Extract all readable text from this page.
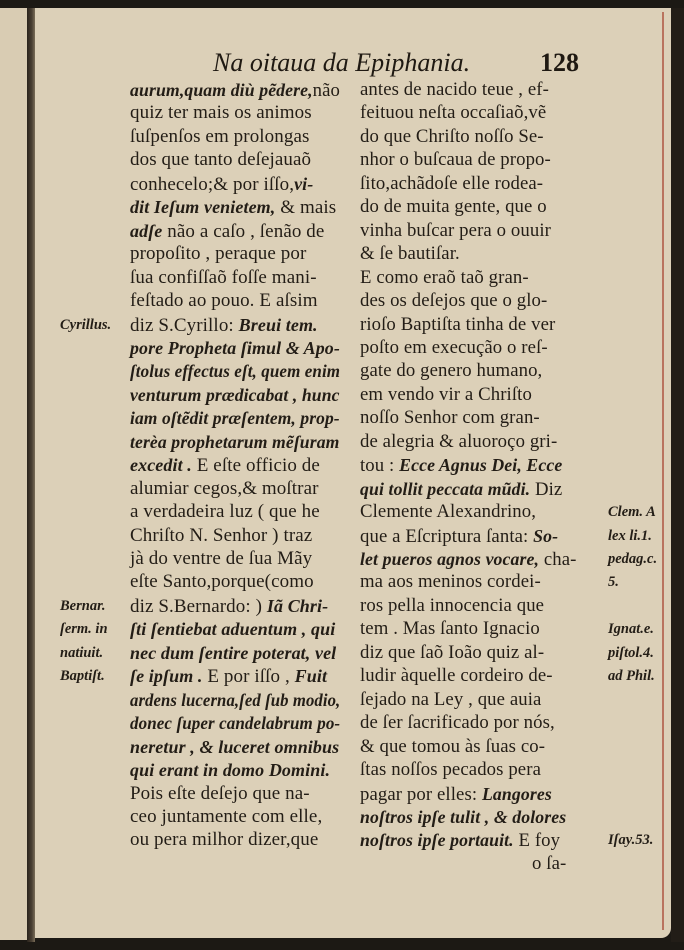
Na oitaua da Epiphania.	128
aurum,quam diù pẽdere,não
quiz ter mais os animos
ſuſpenſos em prolongas
dos que tanto deſejauaõ
conhecelo;& por iſſo,vi-
dit Ieſum venietem, & mais
adſe não a caſo , ſenão de
propoſito , peraque por
ſua confiſſaõ foſſe mani-
feſtado ao pouo. E aſsim
diz S.Cyrillo: Breui tem.
pore Propheta ſimul & Apo-
ſtolus effectus eſt, quem enim
venturum prædicabat , hunc
iam oſtẽdit præſentem, prop-
terèa prophetarum mẽſuram
excedit . E eſte officio de
alumiar cegos,& moſtrar
a verdadeira luz ( que he
Chriſto N. Senhor ) traz
jà do ventre de ſua Mãy
eſte Santo,porque(como
diz S.Bernardo: ) Iã Chri-
ſti ſentiebat aduentum , qui
nec dum ſentire poterat, vel
ſe ipſum . E por iſſo , Fuit
ardens lucerna,ſed ſub modio,
donec ſuper candelabrum po-
neretur , & luceret omnibus
qui erant in domo Domini.
Pois eſte deſejo que na-
ceo juntamente com elle,
ou pera milhor dizer,que
antes de nacido teue , ef-
feituou neſta occaſiaõ,vẽ
do que Chriſto noſſo Se-
nhor o buſcaua de propo-
ſito,achãdoſe elle rodea-
do de muita gente, que o
vinha buſcar pera o ouuir
& ſe bautiſar.
E como eraõ taõ gran-
des os deſejos que o glo-
rioſo Baptiſta tinha de ver
poſto em execução o reſ-
gate do genero humano,
em vendo vir a Chriſto
noſſo Senhor com gran-
de alegria & aluoroço gri-
tou : Ecce Agnus Dei, Ecce
qui tollit peccata mũdi. Diz
Clemente Alexandrino,
que a Eſcriptura ſanta: So-
let pueros agnos vocare, cha-
ma aos meninos cordei-
ros pella innocencia que
tem . Mas ſanto Ignacio
diz que ſaõ Ioão quiz al-
ludir àquelle cordeiro de-
ſejado na Ley , que auia
de ſer ſacrificado por nós,
& que tomou às ſuas co-
ſtas noſſos pecados pera
pagar por elles: Langores
noſtros ipſe tulit , & dolores
noſtros ipſe portauit. E foy
o ſa-
Cyrillus.
Bernar.
ſerm. in
natiuit.
Baptiſt.
Clem. A
lex li.1.
pedag.c.
5.
Ignat.e.
piſtol.4.
ad Phil.
Iſay.53.
